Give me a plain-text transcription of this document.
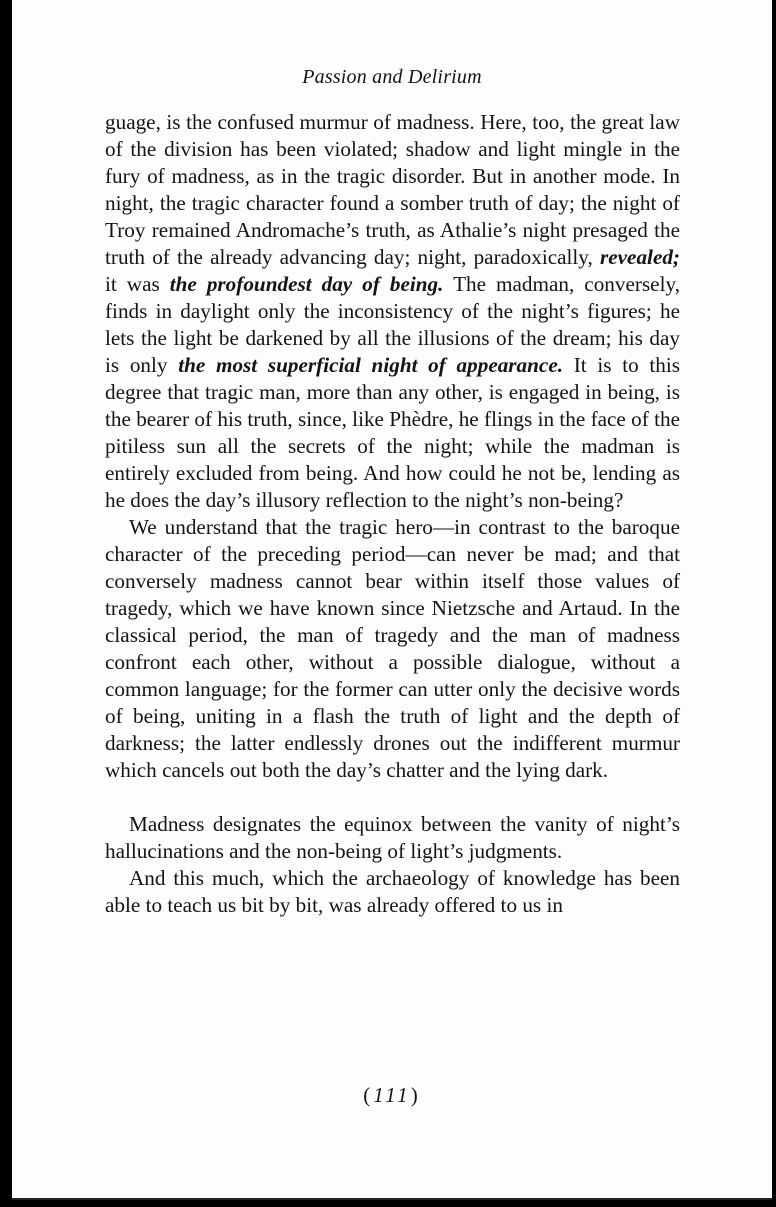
Passion and Delirium

guage, is the confused murmur of madness. Here, too, the great law of the division has been violated; shadow and light mingle in the fury of madness, as in the tragic disorder. But in another mode. In night, the tragic character found a somber truth of day; the night of Troy remained Andromache’s truth, as Athalie’s night presaged the truth of the already advancing day; night, paradoxically, revealed; it was the profoundest day of being. The madman, conversely, finds in daylight only the inconsistency of the night’s figures; he lets the light be darkened by all the illusions of the dream; his day is only the most superficial night of appearance. It is to this degree that tragic man, more than any other, is engaged in being, is the bearer of his truth, since, like Phèdre, he flings in the face of the pitiless sun all the secrets of the night; while the madman is entirely excluded from being. And how could he not be, lending as he does the day’s illusory reflection to the night’s non-being?

We understand that the tragic hero—in contrast to the baroque character of the preceding period—can never be mad; and that conversely madness cannot bear within itself those values of tragedy, which we have known since Nietzsche and Artaud. In the classical period, the man of tragedy and the man of madness confront each other, without a possible dialogue, without a common language; for the former can utter only the decisive words of being, uniting in a flash the truth of light and the depth of darkness; the latter endlessly drones out the indifferent murmur which cancels out both the day’s chatter and the lying dark.

Madness designates the equinox between the vanity of night’s hallucinations and the non-being of light’s judgments.

And this much, which the archaeology of knowledge has been able to teach us bit by bit, was already offered to us in

(111)
